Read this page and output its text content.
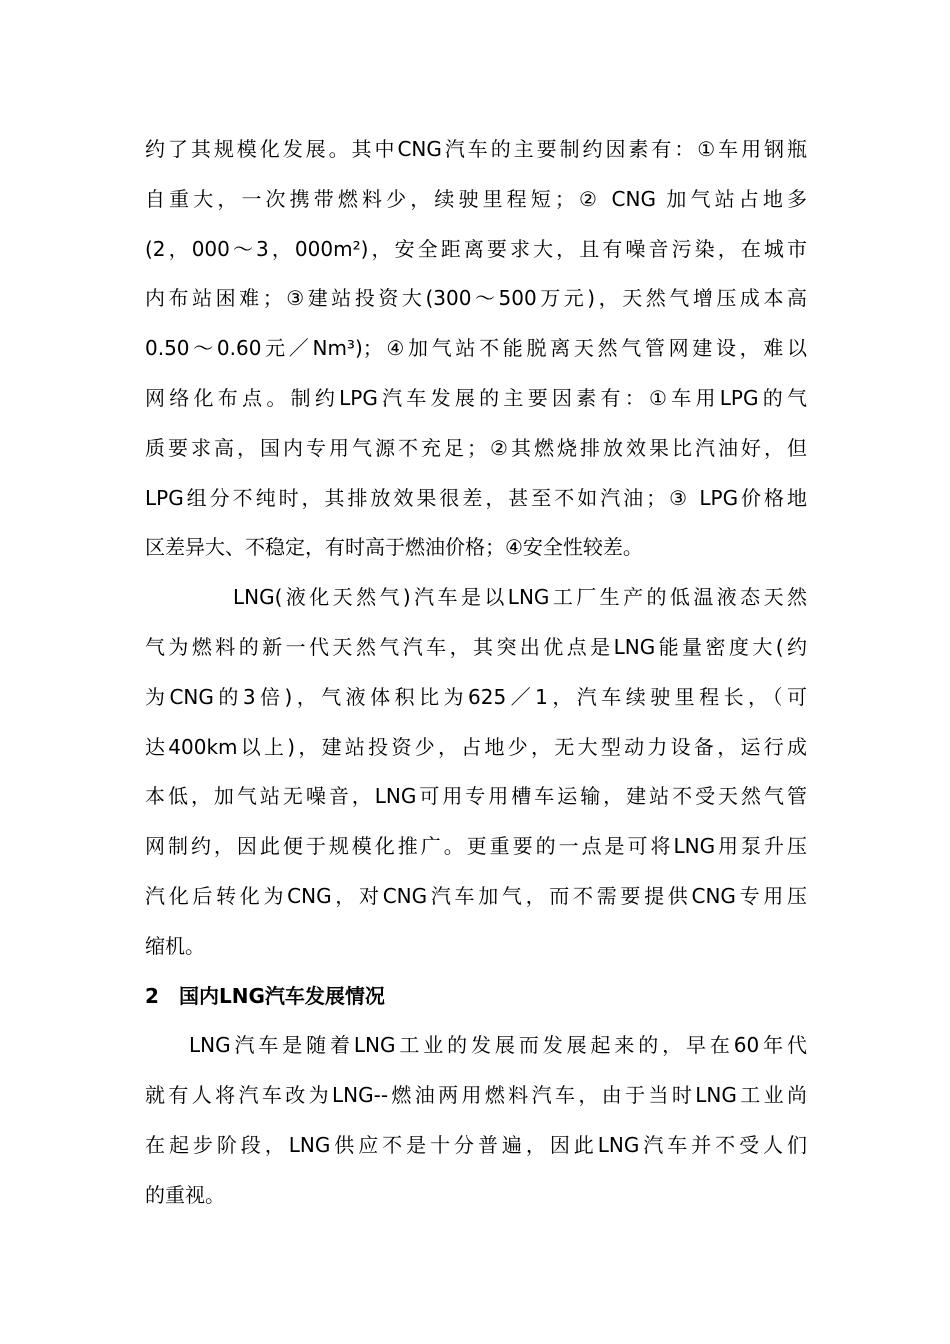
约了其规模化发展。其中CNG汽车的主要制约因素有：①车用钢瓶
自重大，一次携带燃料少，续驶里程短；② CNG 加气站占地多
(2，000～3，000m²)，安全距离要求大，且有噪音污染，在城市
内布站困难；③建站投资大(300～500万元)，天然气增压成本高
0.50～0.60元／Nm³)；④加气站不能脱离天然气管网建设，难以
网络化布点。制约LPG汽车发展的主要因素有：①车用LPG的气
质要求高，国内专用气源不充足；②其燃烧排放效果比汽油好，但
LPG组分不纯时，其排放效果很差，甚至不如汽油；③ LPG价格地
区差异大、不稳定，有时高于燃油价格；④安全性较差。
LNG(液化天然气)汽车是以LNG工厂生产的低温液态天然
气为燃料的新一代天然气汽车，其突出优点是LNG能量密度大(约
为CNG的3倍)，气液体积比为625／1，汽车续驶里程长，（可
达400km以上)，建站投资少，占地少，无大型动力设备，运行成
本低，加气站无噪音，LNG可用专用槽车运输，建站不受天然气管
网制约，因此便于规模化推广。更重要的一点是可将LNG用泵升压
汽化后转化为CNG，对CNG汽车加气，而不需要提供CNG专用压
缩机。
2 国内LNG汽车发展情况
LNG汽车是随着LNG工业的发展而发展起来的，早在60年代
就有人将汽车改为LNG--燃油两用燃料汽车，由于当时LNG工业尚
在起步阶段，LNG供应不是十分普遍，因此LNG汽车并不受人们
的重视。
